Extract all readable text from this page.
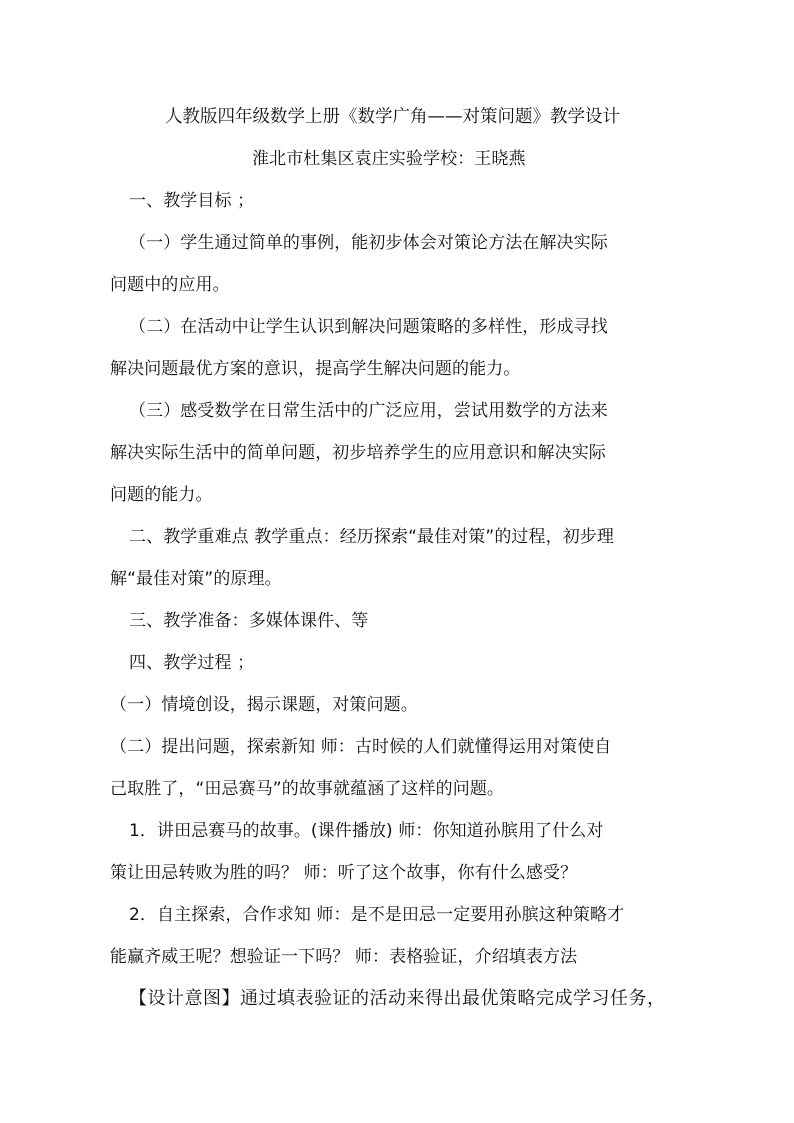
人教版四年级数学上册《数学广角——对策问题》教学设计
淮北市杜集区袁庄实验学校：王晓燕
一、教学目标 ；
（一）学生通过简单的事例，能初步体会对策论方法在解决实际
问题中的应用。
（二）在活动中让学生认识到解决问题策略的多样性，形成寻找
解决问题最优方案的意识，提高学生解决问题的能力。
（三）感受数学在日常生活中的广泛应用，尝试用数学的方法来
解决实际生活中的简单问题，初步培养学生的应用意识和解决实际
问题的能力。
二、教学重难点 教学重点：经历探索“最佳对策”的过程，初步理
解“最佳对策”的原理。
三、教学准备：多媒体课件、等
四、教学过程 ；
（一）情境创设，揭示课题，对策问题。
（二）提出问题，探索新知 师：古时候的人们就懂得运用对策使自
己取胜了，“田忌赛马”的故事就蕴涵了这样的问题。
1．讲田忌赛马的故事。(课件播放) 师：你知道孙膑用了什么对
策让田忌转败为胜的吗？ 师：听了这个故事，你有什么感受？
2．自主探索，合作求知 师：是不是田忌一定要用孙膑这种策略才
能赢齐威王呢？想验证一下吗？ 师：表格验证，介绍填表方法
【设计意图】通过填表验证的活动来得出最优策略完成学习任务，
